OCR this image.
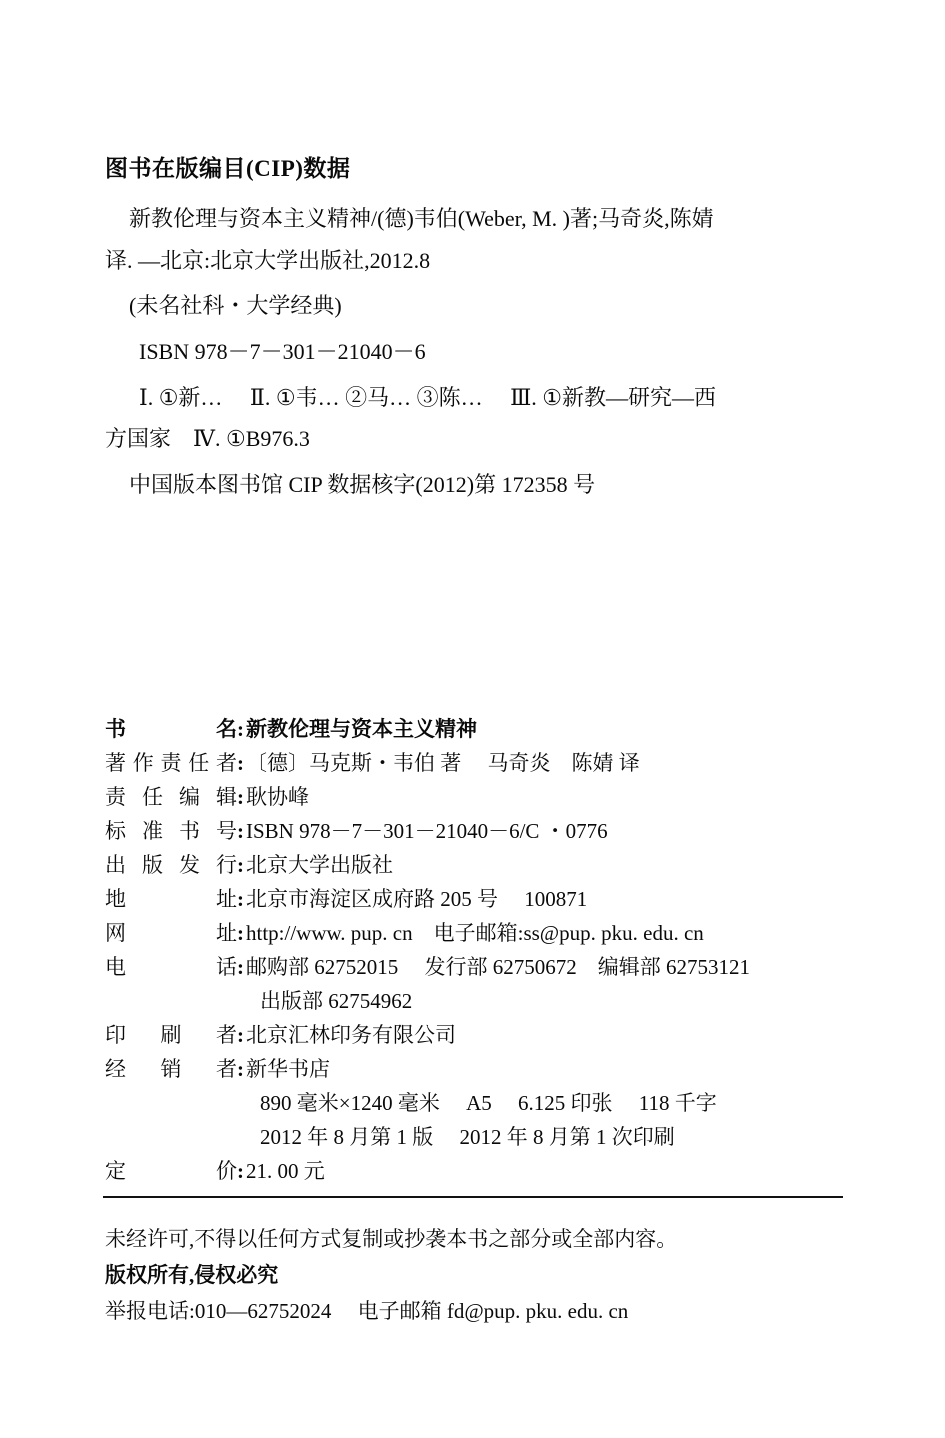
图书在版编目(CIP)数据

新教伦理与资本主义精神/(德)韦伯(Weber, M. )著;马奇炎,陈婧

译. —北京:北京大学出版社,2012.8

(未名社科・大学经典)

ISBN 978－7－301－21040－6

Ⅰ. ①新…　 Ⅱ. ①韦… ②马… ③陈…　 Ⅲ. ①新教—研究—西

方国家　Ⅳ. ①B976.3

中国版本图书馆 CIP 数据核字(2012)第 172358 号

书	名 : 新教伦理与资本主义精神
著 作 责 任 者 : 〔德〕马克斯・韦伯 著　 马奇炎　陈婧 译
责 任 编 辑 : 耿协峰
标 准 书 号 : ISBN 978－7－301－21040－6/C ・0776
出 版 发 行 : 北京大学出版社
地	址 : 北京市海淀区成府路 205 号　 100871
网	址 : http://www. pup. cn　电子邮箱:ss@pup. pku. edu. cn
电	话 : 邮购部 62752015　 发行部 62750672　编辑部 62753121
出版部 62754962
印 刷 者 : 北京汇林印务有限公司
经 销 者 : 新华书店
890 毫米×1240 毫米　 A5　 6.125 印张　 118 千字
2012 年 8 月第 1 版　 2012 年 8 月第 1 次印刷
定	价 : 21. 00 元
未经许可,不得以任何方式复制或抄袭本书之部分或全部内容。
版权所有,侵权必究
举报电话:010—62752024　 电子邮箱 fd@pup. pku. edu. cn
